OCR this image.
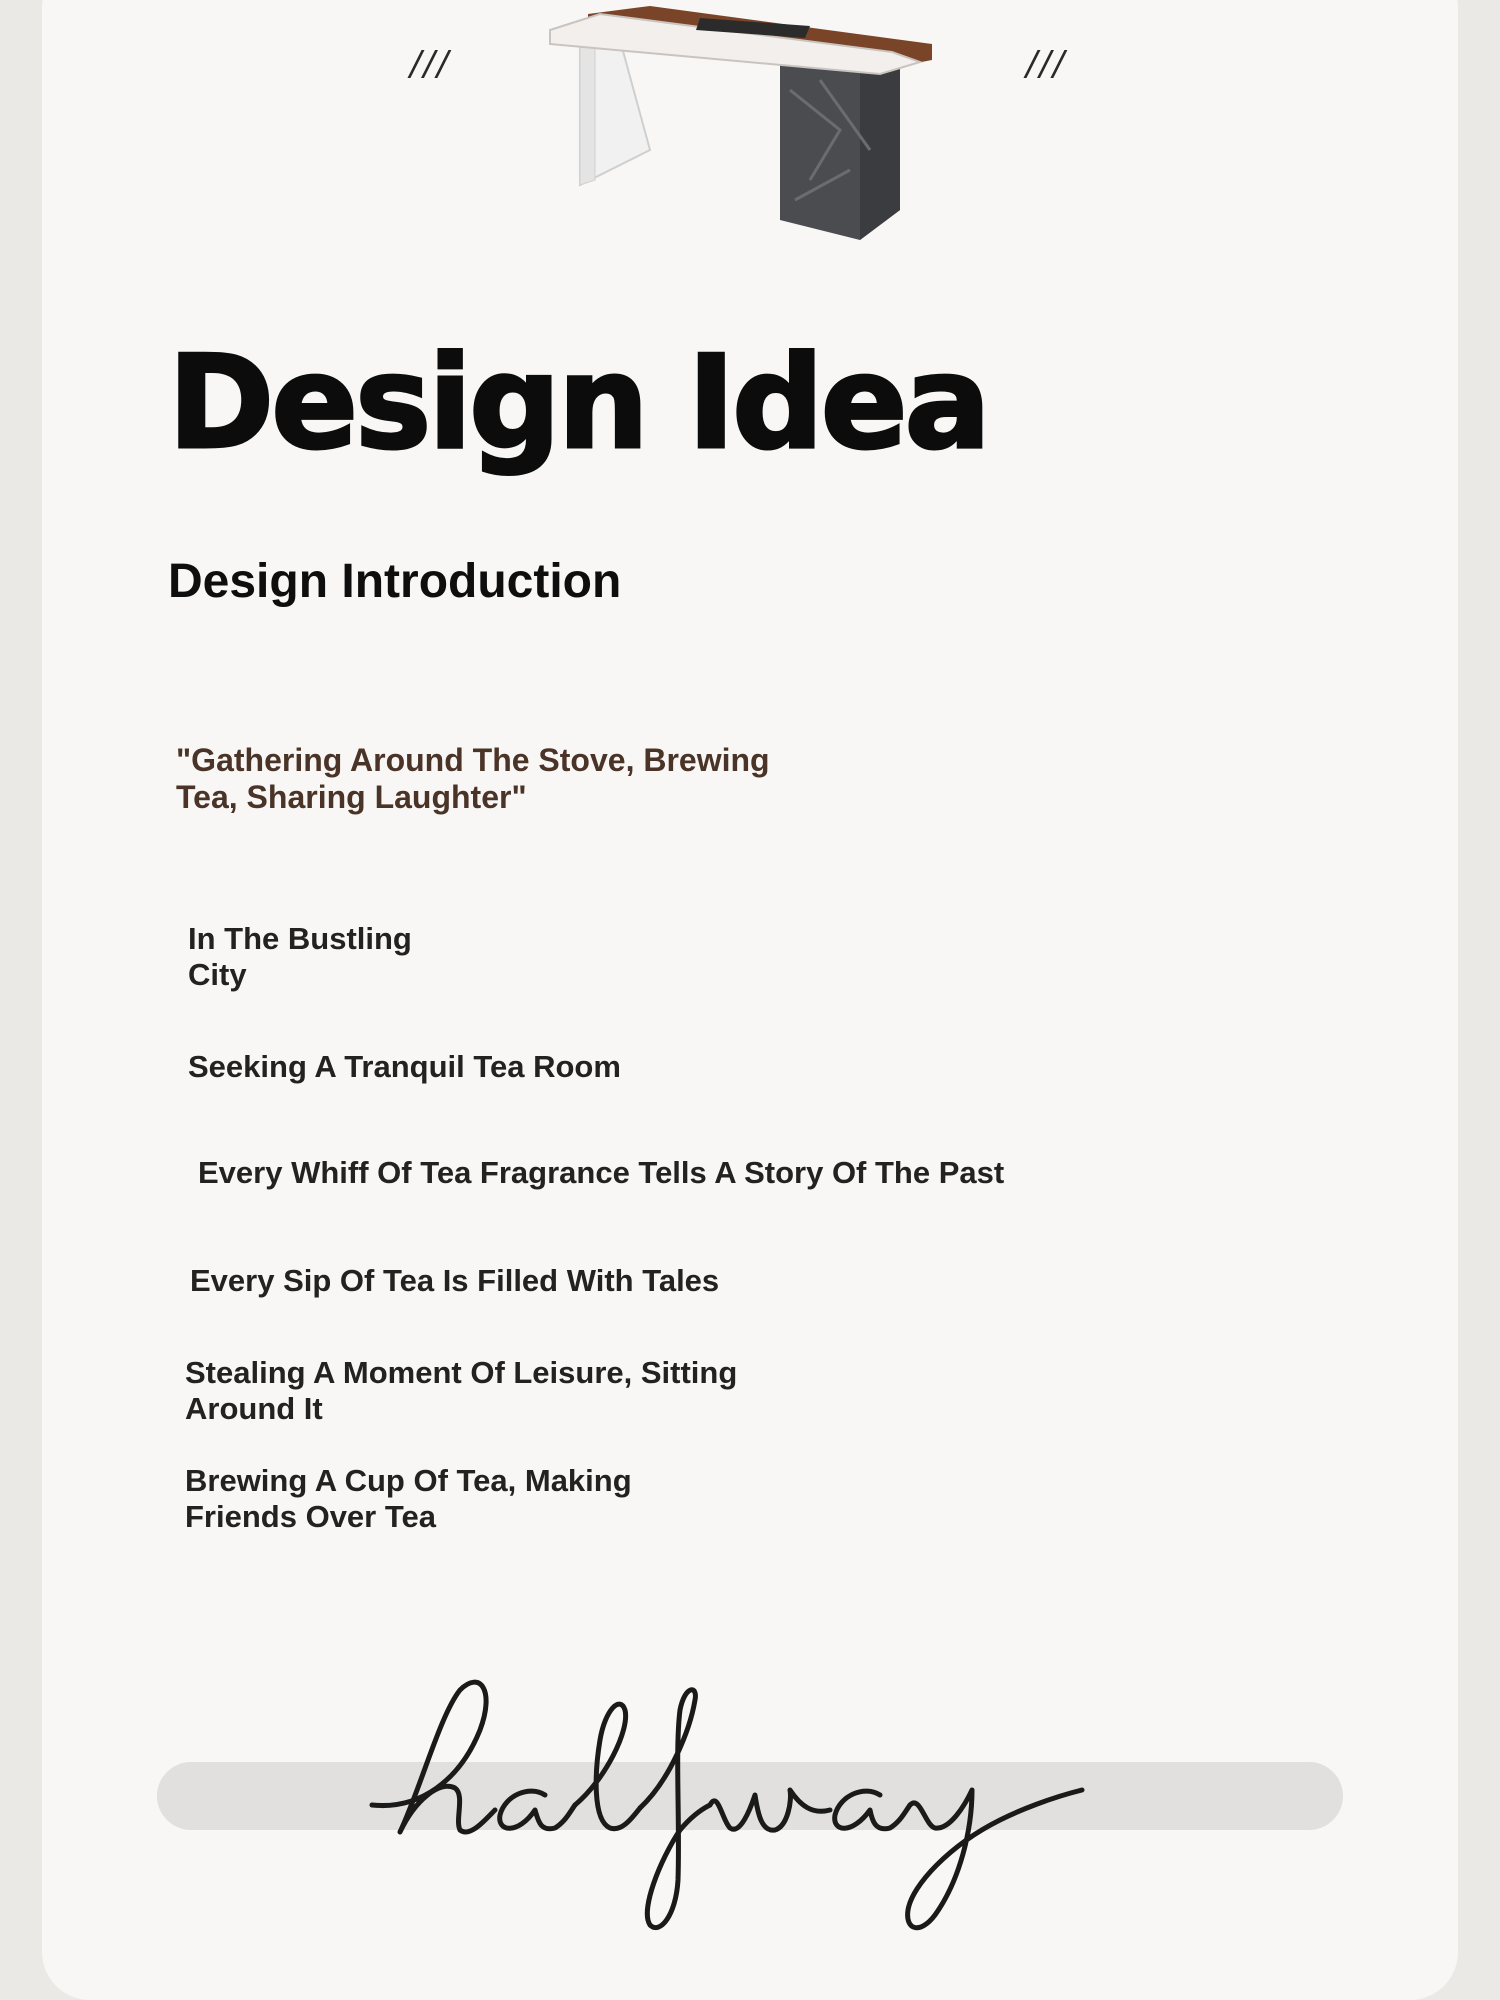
///	///
Design Idea
Design Introduction
"Gathering Around The Stove, Brewing Tea, Sharing Laughter"
In The Bustling City
Seeking A Tranquil Tea Room
Every Whiff Of Tea Fragrance Tells A Story Of The Past
Every Sip Of Tea Is Filled With Tales
Stealing A Moment Of Leisure, Sitting Around It
Brewing A Cup Of Tea, Making Friends Over Tea
